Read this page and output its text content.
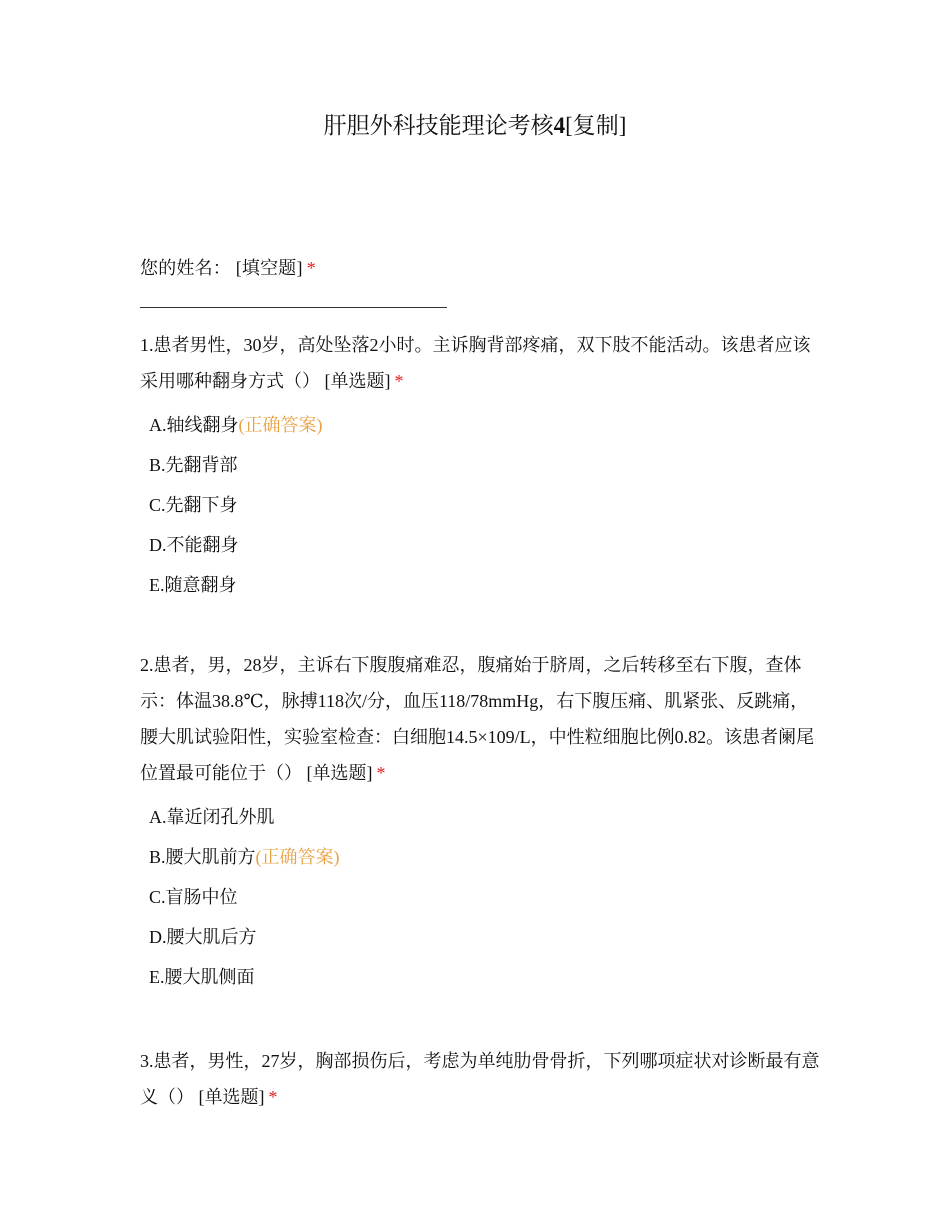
肝胆外科技能理论考核4[复制]
您的姓名： [填空题] *

1.患者男性，30岁，高处坠落2小时。主诉胸背部疼痛，双下肢不能活动。该患者应该采用哪种翻身方式（） [单选题] *

A.轴线翻身(正确答案)
B.先翻背部
C.先翻下身
D.不能翻身
E.随意翻身

2.患者，男，28岁，主诉右下腹腹痛难忍，腹痛始于脐周，之后转移至右下腹，查体示：体温38.8℃，脉搏118次/分，血压118/78mmHg，右下腹压痛、肌紧张、反跳痛，腰大肌试验阳性，实验室检查：白细胞14.5×109/L，中性粒细胞比例0.82。该患者阑尾位置最可能位于（） [单选题] *

A.靠近闭孔外肌
B.腰大肌前方(正确答案)
C.盲肠中位
D.腰大肌后方
E.腰大肌侧面

3.患者，男性，27岁，胸部损伤后，考虑为单纯肋骨骨折，下列哪项症状对诊断最有意义（） [单选题] *
